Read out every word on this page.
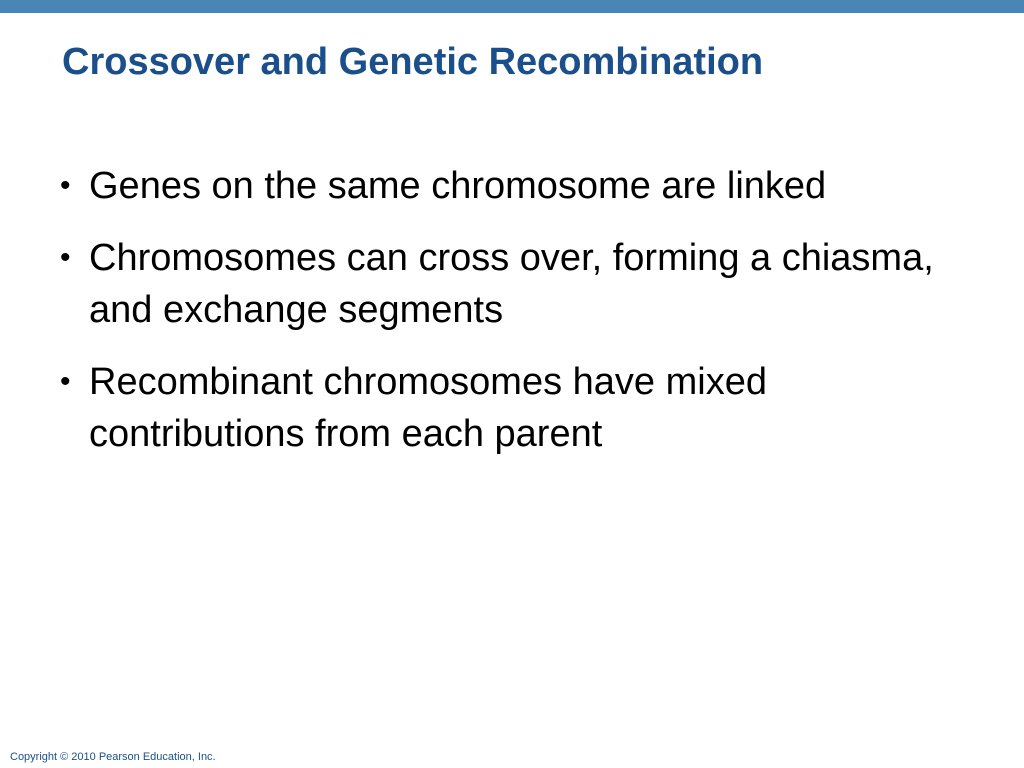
Crossover and Genetic Recombination
• Genes on the same chromosome are linked
• Chromosomes can cross over, forming a chiasma, and exchange segments
• Recombinant chromosomes have mixed contributions from each parent
Copyright © 2010 Pearson Education, Inc.
